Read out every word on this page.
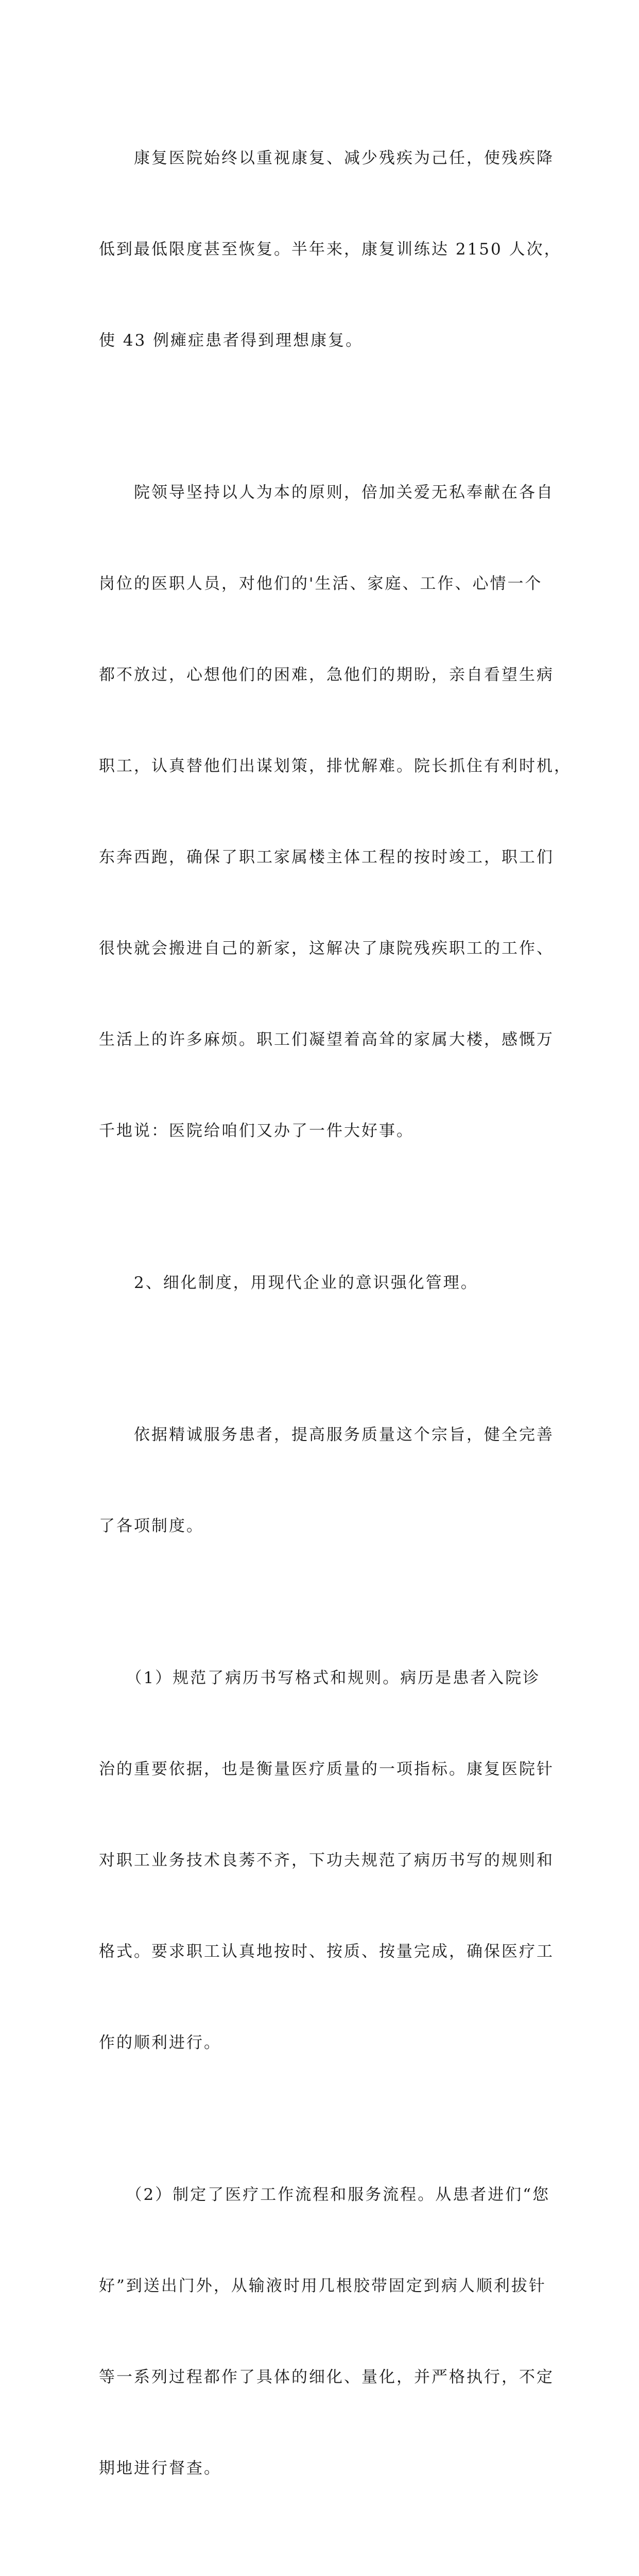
　　康复医院始终以重视康复、减少残疾为己任，使残疾降

低到最低限度甚至恢复。半年来，康复训练达 2150 人次，

使 43 例瘫症患者得到理想康复。

　　院领导坚持以人为本的原则，倍加关爱无私奉献在各自

岗位的医职人员，对他们的'生活、家庭、工作、心情一个

都不放过，心想他们的困难，急他们的期盼，亲自看望生病

职工，认真替他们出谋划策，排忧解难。院长抓住有利时机，

东奔西跑，确保了职工家属楼主体工程的按时竣工，职工们

很快就会搬进自己的新家，这解决了康院残疾职工的工作、

生活上的许多麻烦。职工们凝望着高耸的家属大楼，感慨万

千地说：医院给咱们又办了一件大好事。

　　2、细化制度，用现代企业的意识强化管理。

　　依据精诚服务患者，提高服务质量这个宗旨，健全完善

了各项制度。

　　（1）规范了病历书写格式和规则。病历是患者入院诊

治的重要依据，也是衡量医疗质量的一项指标。康复医院针

对职工业务技术良莠不齐，下功夫规范了病历书写的规则和

格式。要求职工认真地按时、按质、按量完成，确保医疗工

作的顺利进行。

　　（2）制定了医疗工作流程和服务流程。从患者进们“您

好”到送出门外，从输液时用几根胶带固定到病人顺利拔针

等一系列过程都作了具体的细化、量化，并严格执行，不定

期地进行督查。
